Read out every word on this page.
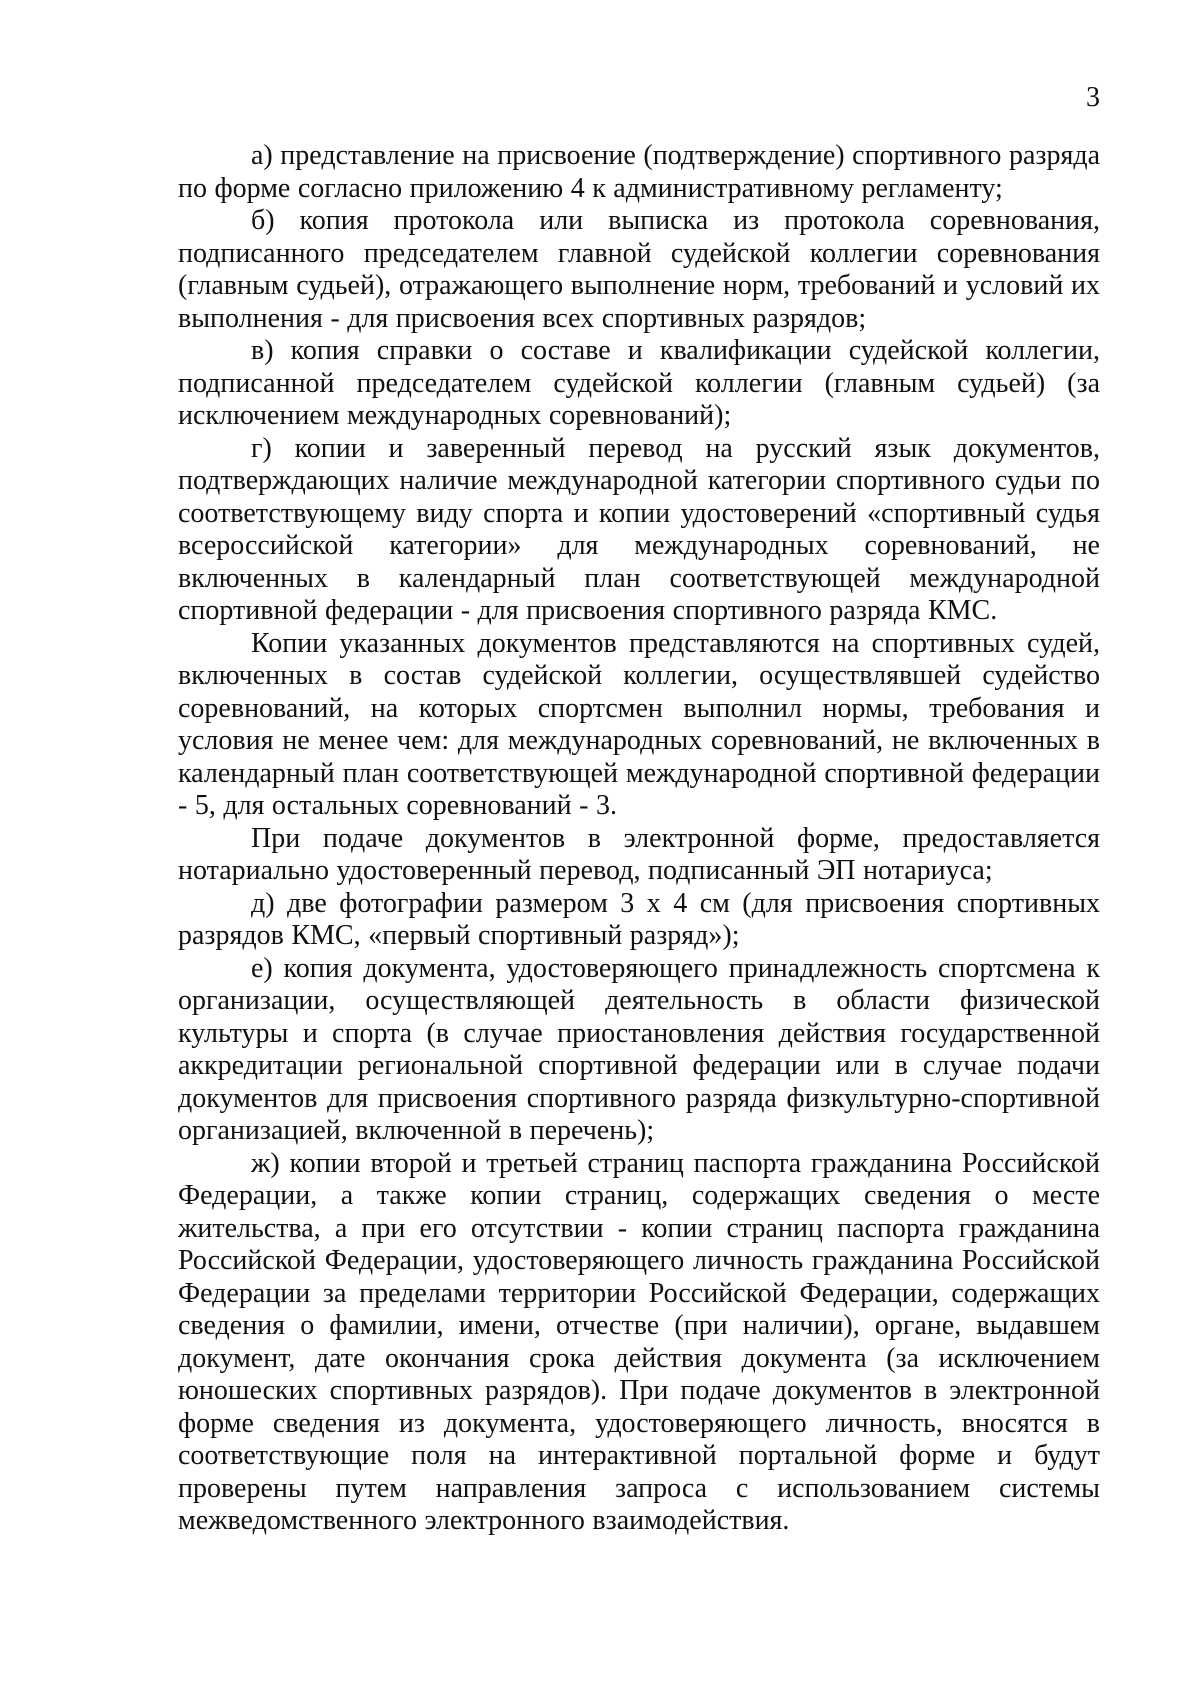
3

а) представление на присвоение (подтверждение) спортивного разряда по форме согласно приложению 4 к административному регламенту;

б) копия протокола или выписка из протокола соревнования, подписанного председателем главной судейской коллегии соревнования (главным судьей), отражающего выполнение норм, требований и условий их выполнения - для присвоения всех спортивных разрядов;

в) копия справки о составе и квалификации судейской коллегии, подписанной председателем судейской коллегии (главным судьей) (за исключением международных соревнований);

г) копии и заверенный перевод на русский язык документов, подтверждающих наличие международной категории спортивного судьи по соответствующему виду спорта и копии удостоверений «спортивный судья всероссийской категории» для международных соревнований, не включенных в календарный план соответствующей международной спортивной федерации - для присвоения спортивного разряда КМС.

Копии указанных документов представляются на спортивных судей, включенных в состав судейской коллегии, осуществлявшей судейство соревнований, на которых спортсмен выполнил нормы, требования и условия не менее чем: для международных соревнований, не включенных в календарный план соответствующей международной спортивной федерации - 5, для остальных соревнований - 3.

При подаче документов в электронной форме, предоставляется нотариально удостоверенный перевод, подписанный ЭП нотариуса;

д) две фотографии размером 3 x 4 см (для присвоения спортивных разрядов КМС, «первый спортивный разряд»);

е) копия документа, удостоверяющего принадлежность спортсмена к организации, осуществляющей деятельность в области физической культуры и спорта (в случае приостановления действия государственной аккредитации региональной спортивной федерации или в случае подачи документов для присвоения спортивного разряда физкультурно-спортивной организацией, включенной в перечень);

ж) копии второй и третьей страниц паспорта гражданина Российской Федерации, а также копии страниц, содержащих сведения о месте жительства, а при его отсутствии - копии страниц паспорта гражданина Российской Федерации, удостоверяющего личность гражданина Российской Федерации за пределами территории Российской Федерации, содержащих сведения о фамилии, имени, отчестве (при наличии), органе, выдавшем документ, дате окончания срока действия документа (за исключением юношеских спортивных разрядов). При подаче документов в электронной форме сведения из документа, удостоверяющего личность, вносятся в соответствующие поля на интерактивной портальной форме и будут проверены путем направления запроса с использованием системы межведомственного электронного взаимодействия.
